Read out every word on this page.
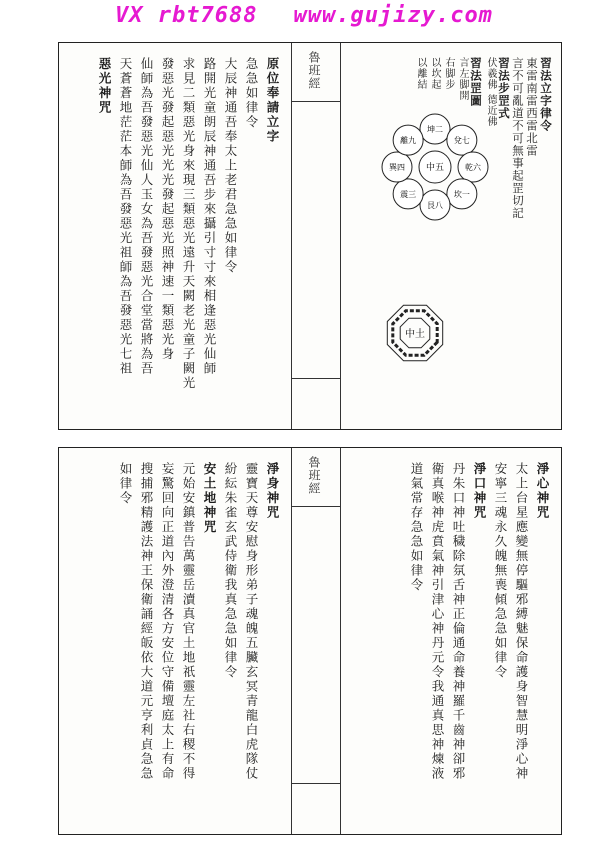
VX rbt7688 www.gujizy.com
原位奉請立字
急急如律令
大辰神通吾奉太上老君急急如律令
路開光童朗辰神通吾步來攝引寸寸來相逢惡光仙師
求見二類惡光身來現三類惡光遠升天闕老光童子闕光
發惡光發起惡光光光發起惡光照神速一類惡光身
仙師為吾發惡光仙人玉女為吾發惡光合堂當將為吾
天蒼蒼地茫茫本師為吾發惡光祖師為吾發惡光七祖
惡光神咒	魯班經	習法立字律令
東雷南雷西雷北雷
言不可亂道不可無事起罡切記
習法步罡式
伏羲佛 德近佛
習法罡圖
言左脚開
右脚步
以坎起
以離結
坤二
兌七
乾六
坎一
艮八
震三
巽四
離九
中五
中土
淨身神咒
靈寶天尊安慰身形弟子魂魄五臟玄冥青龍白虎隊仗
紛紜朱雀玄武侍衛我真急急如律令
安土地神咒
元始安鎮普告萬靈岳瀆真官土地祇靈左社右稷不得
妄驚回向正道內外澄清各方安位守備壇庭太上有命
搜捕邪精護法神王保衛誦經皈依大道元亨利貞急急
如律令	魯班經	淨心神咒
太上台星應變無停驅邪縛魅保命護身智慧明淨心神
安寧三魂永久魄無喪傾急急如律令
淨口神咒
丹朱口神吐穢除氛舌神正倫通命養神羅千齒神卻邪
衛真喉神虎賁氣神引津心神丹元令我通真思神煉液
道氣常存急急如律令
